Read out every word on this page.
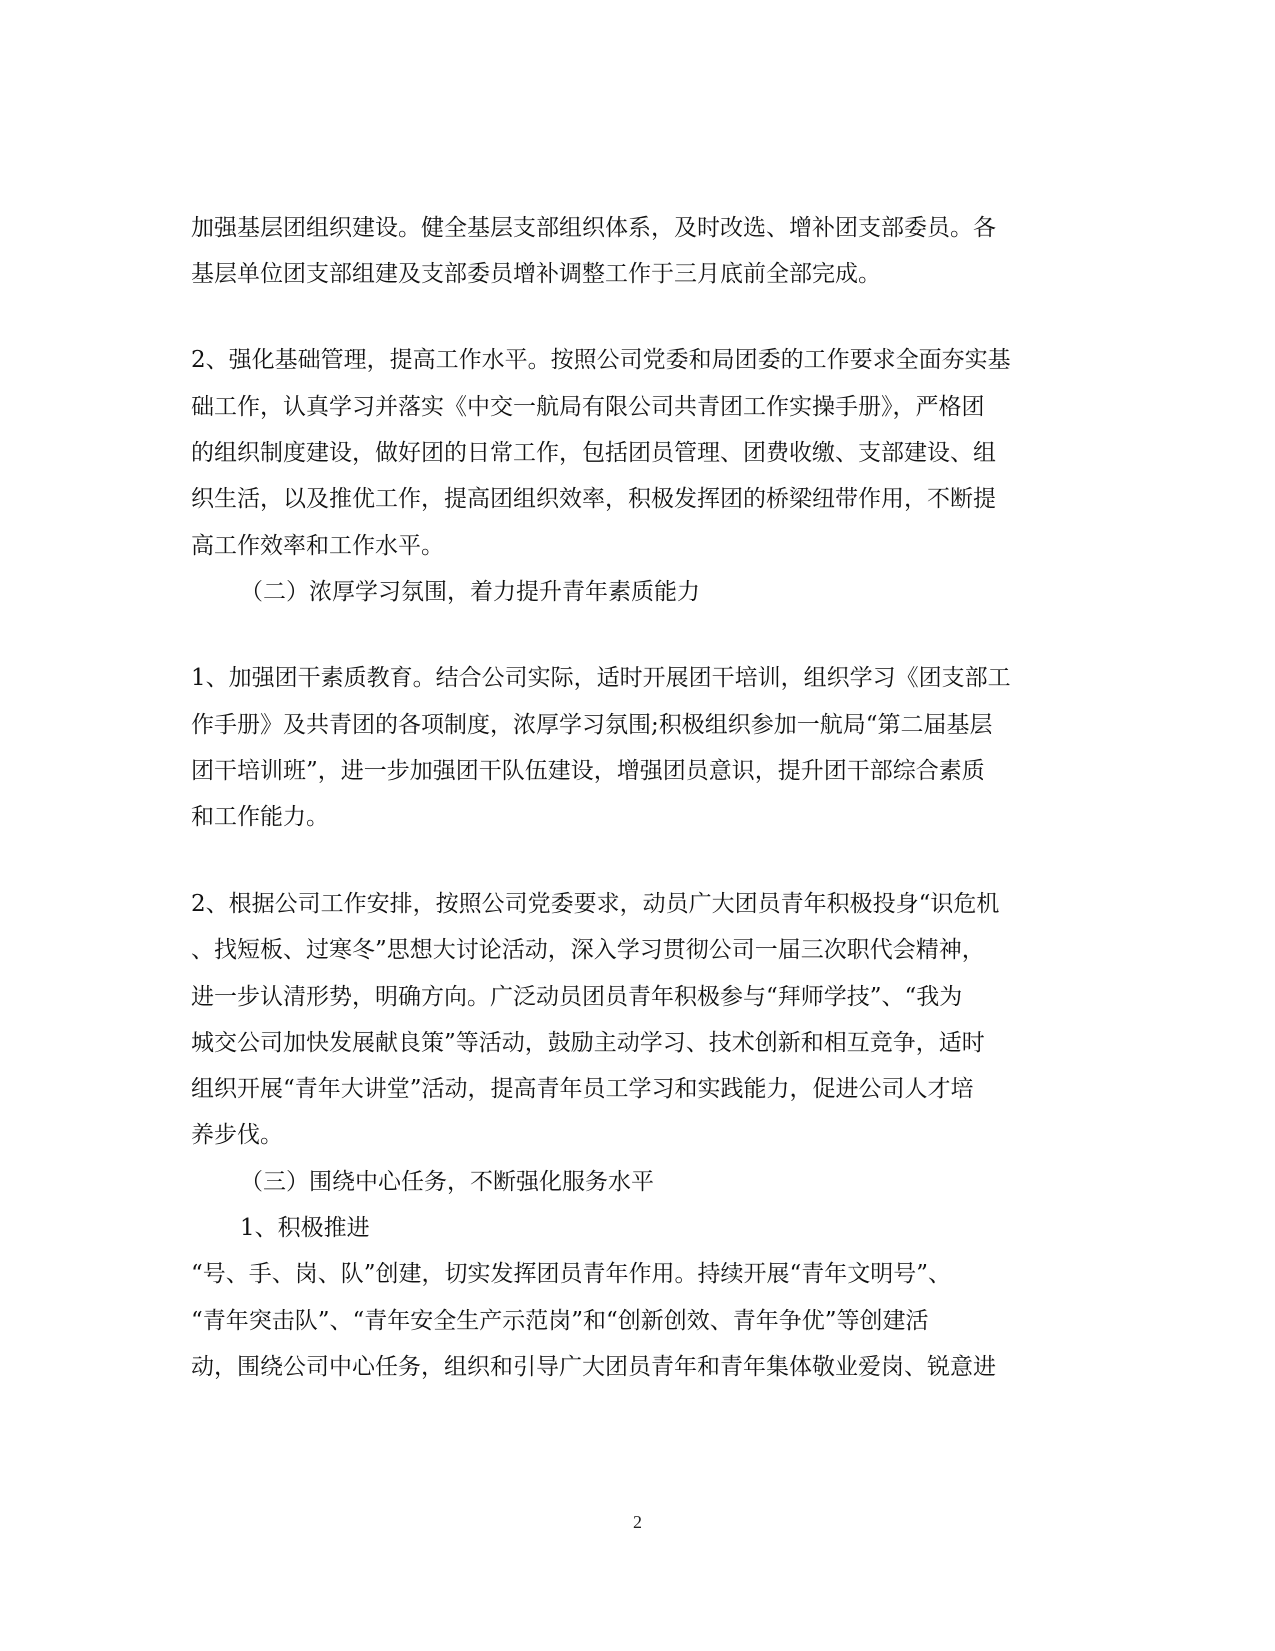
加强基层团组织建设。健全基层支部组织体系，及时改选、增补团支部委员。各
基层单位团支部组建及支部委员增补调整工作于三月底前全部完成。
2、强化基础管理，提高工作水平。按照公司党委和局团委的工作要求全面夯实基
础工作，认真学习并落实《中交一航局有限公司共青团工作实操手册》，严格团
的组织制度建设，做好团的日常工作，包括团员管理、团费收缴、支部建设、组
织生活，以及推优工作，提高团组织效率，积极发挥团的桥梁纽带作用，不断提
高工作效率和工作水平。
（二）浓厚学习氛围，着力提升青年素质能力
1、加强团干素质教育。结合公司实际，适时开展团干培训，组织学习《团支部工
作手册》及共青团的各项制度，浓厚学习氛围;积极组织参加一航局“第二届基层
团干培训班”，进一步加强团干队伍建设，增强团员意识，提升团干部综合素质
和工作能力。
2、根据公司工作安排，按照公司党委要求，动员广大团员青年积极投身“识危机
、找短板、过寒冬”思想大讨论活动，深入学习贯彻公司一届三次职代会精神，
进一步认清形势，明确方向。广泛动员团员青年积极参与“拜师学技”、“我为
城交公司加快发展献良策”等活动，鼓励主动学习、技术创新和相互竞争，适时
组织开展“青年大讲堂”活动，提高青年员工学习和实践能力，促进公司人才培
养步伐。
（三）围绕中心任务，不断强化服务水平
1、积极推进
“号、手、岗、队”创建，切实发挥团员青年作用。持续开展“青年文明号”、
“青年突击队”、“青年安全生产示范岗”和“创新创效、青年争优”等创建活
动，围绕公司中心任务，组织和引导广大团员青年和青年集体敬业爱岗、锐意进
2
